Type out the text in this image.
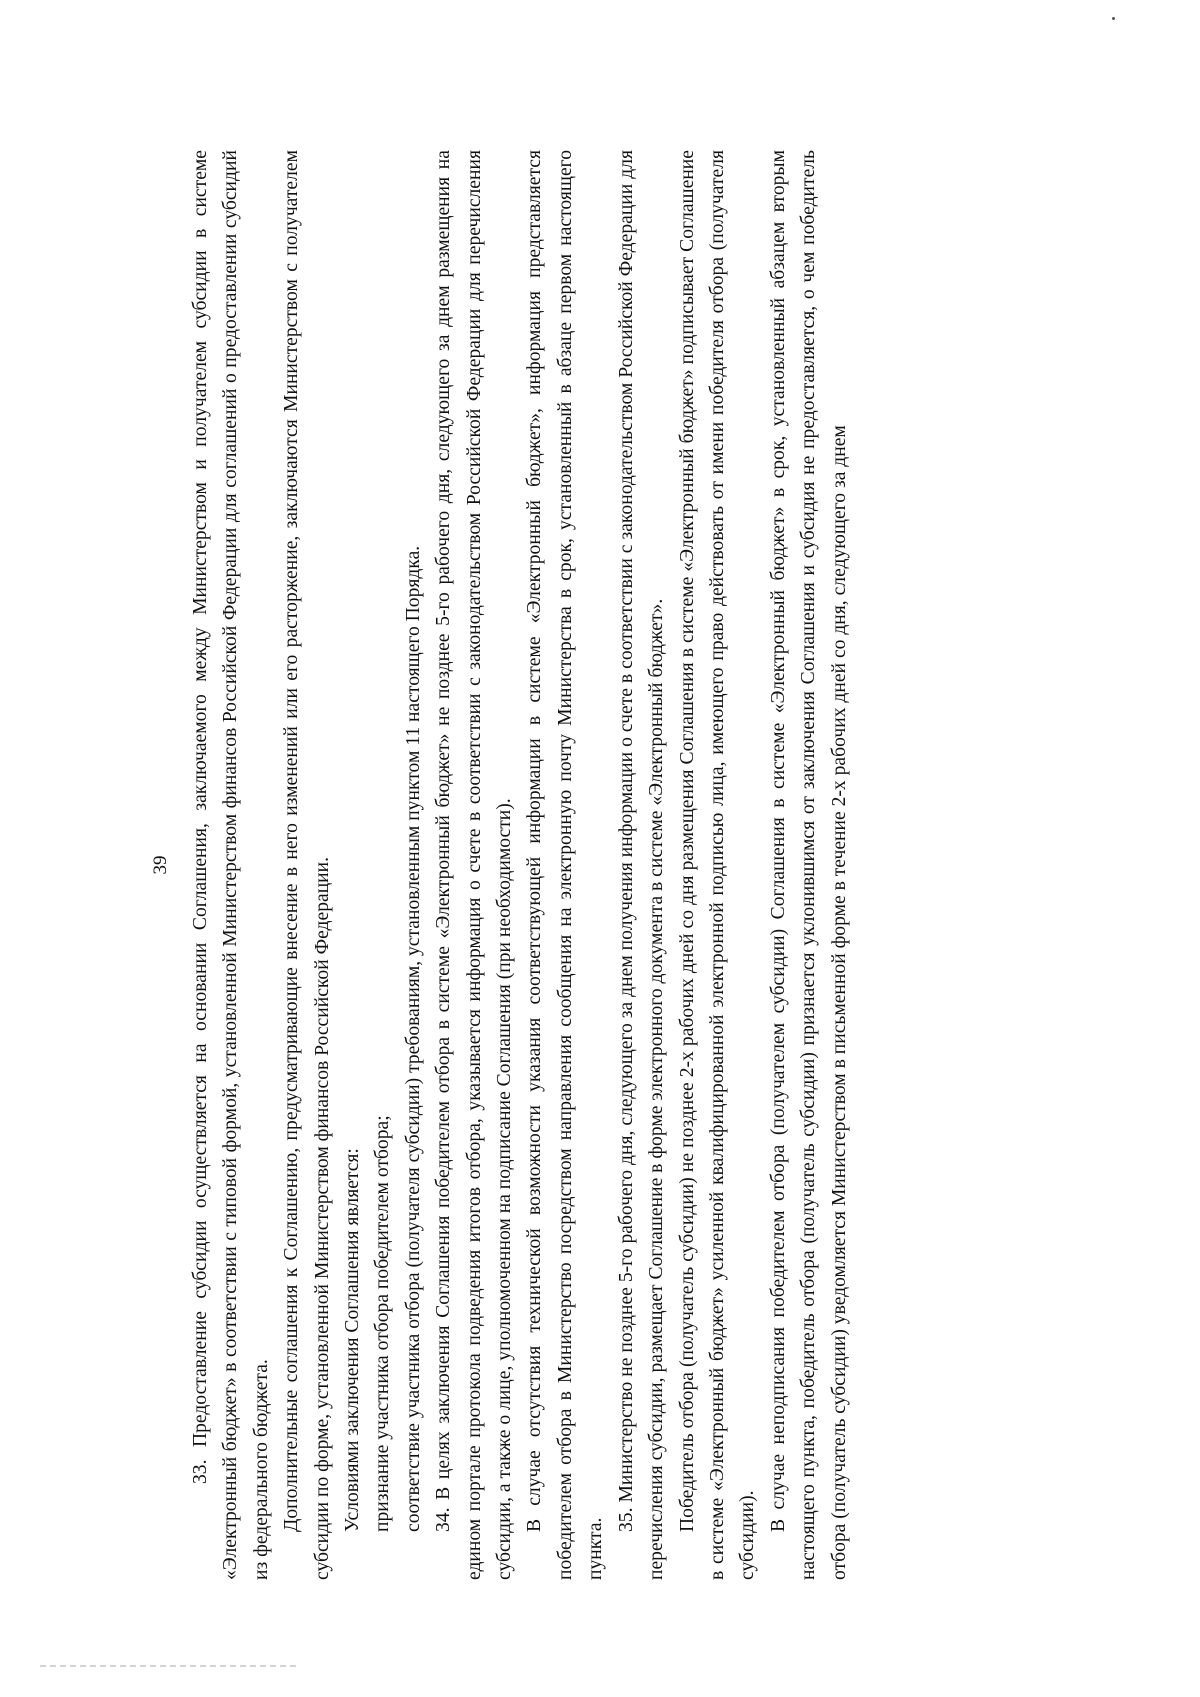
39 33. Предоставление субсидии осуществляется на основании Соглашения, заключаемого между Министерством и получателем субсидии в системе «Электронный бюджет» в соответствии с типовой формой, установленной Министерством финансов Российской Федерации для соглашений о предоставлении субсидий из федерального бюджета. Дополнительные соглашения к Соглашению, предусматривающие внесение в него изменений или его расторжение, заключаются Министерством с получателем субсидии по форме, установленной Министерством финансов Российской Федерации. Условиями заключения Соглашения является: признание участника отбора победителем отбора; соответствие участника отбора (получателя субсидии) требованиям, установленным пунктом 11 настоящего Порядка. 34. В целях заключения Соглашения победителем отбора в системе «Электронный бюджет» не позднее 5-го рабочего дня, следующего за днем размещения на едином портале протокола подведения итогов отбора, указывается информация о счете в соответствии с законодательством Российской Федерации для перечисления субсидии, а также о лице, уполномоченном на подписание Соглашения (при необходимости). В случае отсутствия технической возможности указания соответствующей информации в системе «Электронный бюджет», информация представляется победителем отбора в Министерство посредством направления сообщения на электронную почту Министерства в срок, установленный в абзаце первом настоящего пункта.

35. Министерство не позднее 5-го рабочего дня, следующего за днем получения информации о счете в соответствии с законодательством Российской Федерации для перечисления субсидии, размещает Соглашение в форме электронного документа в системе «Электронный бюджет». Победитель отбора (получатель субсидии) не позднее 2-х рабочих дней со дня размещения Соглашения в системе «Электронный бюджет» подписывает Соглашение в системе «Электронный бюджет» усиленной квалифицированной электронной подписью лица, имеющего право действовать от имени победителя отбора (получателя субсидии).

В случае неподписания победителем отбора (получателем субсидии) Соглашения в системе «Электронный бюджет» в срок, установленный абзацем вторым настоящего пункта, победитель отбора (получатель субсидии) признается уклонившимся от заключения Соглашения и субсидия не предоставляется, о чем победитель отбора (получатель субсидии) уведомляется Министерством в письменной форме в течение 2-х рабочих дней со дня, следующего за днем
